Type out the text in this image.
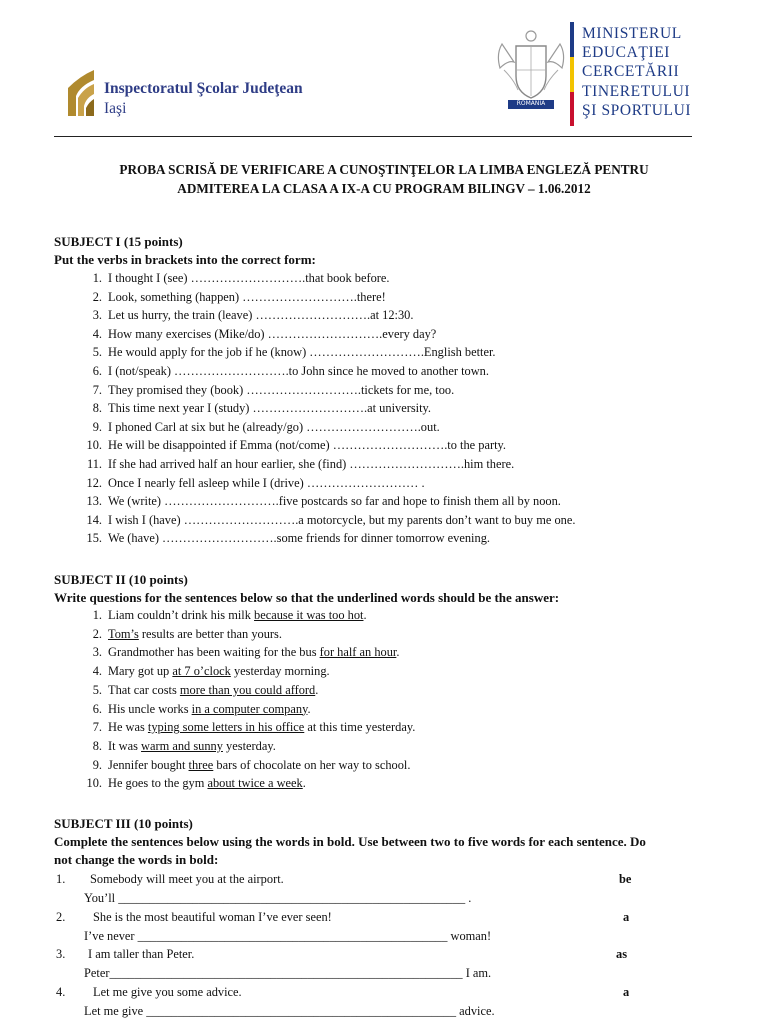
Inspectoratul Şcolar Judeţean
Iaşi	ROMANIA
MINISTERUL
EDUCAŢIEI
CERCETĂRII
TINERETULUI
ŞI SPORTULUI
PROBA SCRISĂ DE VERIFICARE A CUNOŞTINŢELOR LA LIMBA ENGLEZĂ PENTRU
ADMITEREA LA CLASA A IX-A CU PROGRAM BILINGV – 1.06.2012
SUBJECT I (15 points)
Put the verbs in brackets into the correct form:
1. I thought I (see) ……………………….that book before.
2. Look, something (happen) ……………………….there!
3. Let us hurry, the train (leave) ……………………….at 12:30.
4. How many exercises (Mike/do) ……………………….every day?
5. He would apply for the job if he (know) ……………………….English better.
6. I (not/speak) ……………………….to John since he moved to another town.
7. They promised they (book) ……………………….tickets for me, too.
8. This time next year I (study) ……………………….at university.
9. I phoned Carl at six but he (already/go) ……………………….out.
10. He will be disappointed if Emma (not/come) ……………………….to the party.
11. If she had arrived half an hour earlier, she (find) ……………………….him there.
12. Once I nearly fell asleep while I (drive) ……………………… .
13. We (write) ……………………….five postcards so far and hope to finish them all by noon.
14. I wish I (have) ……………………….a motorcycle, but my parents don’t want to buy me one.
15. We (have) ……………………….some friends for dinner tomorrow evening.
SUBJECT II (10 points)
Write questions for the sentences below so that the underlined words should be the answer:
1. Liam couldn’t drink his milk because it was too hot.
2. Tom’s results are better than yours.
3. Grandmother has been waiting for the bus for half an hour.
4. Mary got up at 7 o’clock yesterday morning.
5. That car costs more than you could afford.
6. His uncle works in a computer company.
7. He was typing some letters in his office at this time yesterday.
8. It was warm and sunny yesterday.
9. Jennifer bought three bars of chocolate on her way to school.
10. He goes to the gym about twice a week.
SUBJECT III (10 points)
Complete the sentences below using the words in bold. Use between two to five words for each sentence. Do
not change the words in bold:
1. Somebody will meet you at the airport.	be
You’ll ________________________________________________________ .
2. She is the most beautiful woman I’ve ever seen!	a
I’ve never __________________________________________________ woman!
3. I am taller than Peter.	as
Peter_________________________________________________________ I am.
4. Let me give you some advice.	a
Let me give __________________________________________________ advice.
